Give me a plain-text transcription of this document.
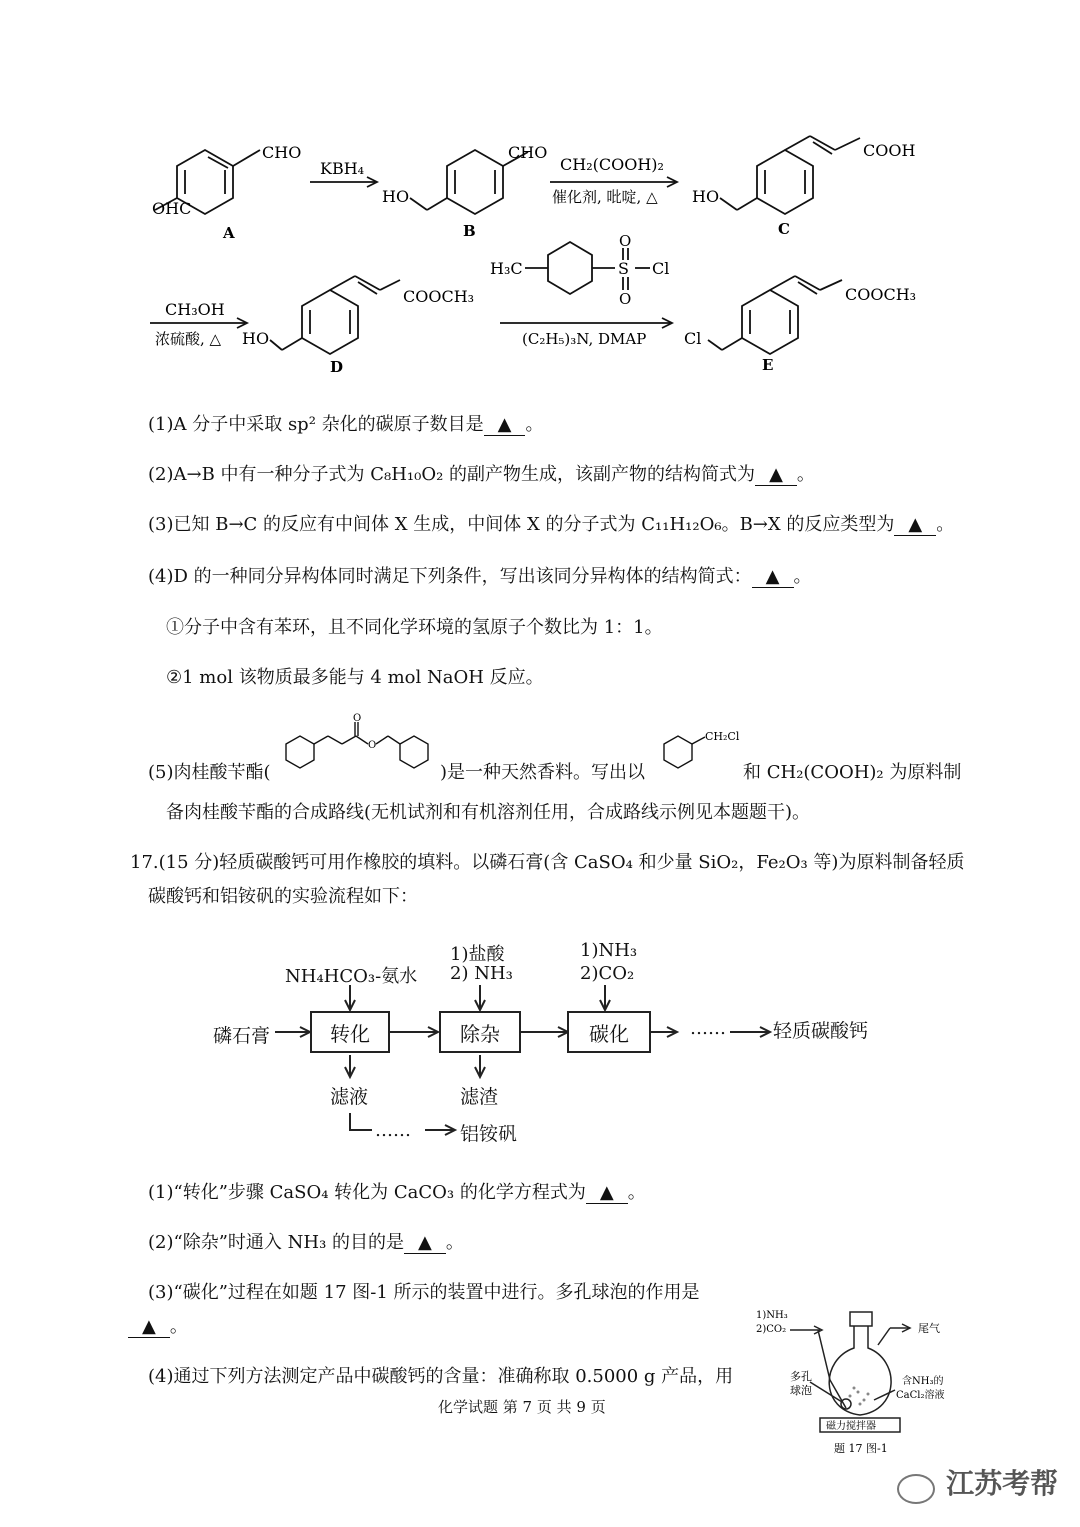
CHO
OHC
A
KBH₄
CHO
HO
B
CH₂(COOH)₂
催化剂, 吡啶, △
COOH
HO
C
CH₃OH
浓硫酸, △
COOCH₃
HO
D
H₃C	S
O
O
Cl
(C₂H₅)₃N, DMAP
COOCH₃
Cl
E
(1)A 分子中采取 sp² 杂化的碳原子数目是 ▲ 。
(2)A→B 中有一种分子式为 C₈H₁₀O₂ 的副产物生成，该副产物的结构简式为 ▲ 。
(3)已知 B→C 的反应有中间体 X 生成，中间体 X 的分子式为 C₁₁H₁₂O₆。B→X 的反应类型为 ▲ 。
(4)D 的一种同分异构体同时满足下列条件，写出该同分异构体的结构简式： ▲ 。
①分子中含有苯环，且不同化学环境的氢原子个数比为 1：1。
②1 mol 该物质最多能与 4 mol NaOH 反应。
(5)肉桂酸苄酯(
O
O
)是一种天然香料。写出以
CH₂Cl
和 CH₂(COOH)₂ 为原料制
备肉桂酸苄酯的合成路线(无机试剂和有机溶剂任用，合成路线示例见本题题干)。
17.(15 分)轻质碳酸钙可用作橡胶的填料。以磷石膏(含 CaSO₄ 和少量 SiO₂，Fe₂O₃ 等)为原料制备轻质
碳酸钙和铝铵矾的实验流程如下：
磷石膏
NH₄HCO₃-氨水
转化
1)盐酸
2) NH₃
除杂
1)NH₃
2)CO₂
碳化	…… 轻质碳酸钙
滤液	滤渣
……	铝铵矾
(1)“转化”步骤 CaSO₄ 转化为 CaCO₃ 的化学方程式为 ▲ 。
(2)“除杂”时通入 NH₃ 的目的是 ▲ 。
(3)“碳化”过程在如题 17 图-1 所示的装置中进行。多孔球泡的作用是
▲ 。
(4)通过下列方法测定产品中碳酸钙的含量：准确称取 0.5000 g 产品，用
1)NH₃
2)CO₂	尾气
多孔
球泡
含NH₃的
CaCl₂溶液
磁力搅拌器
题 17 图-1
化学试题 第 7 页 共 9 页
江苏考帮
